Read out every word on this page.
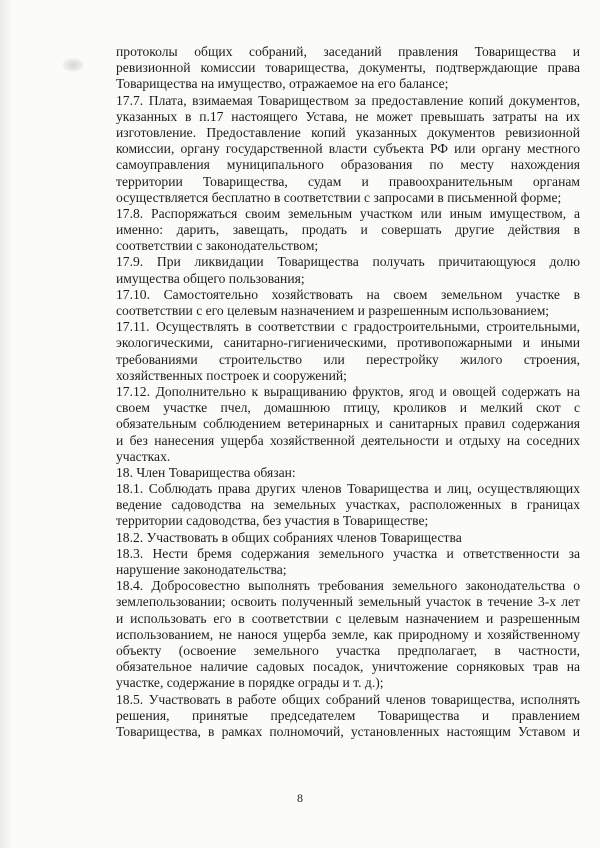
протоколы общих собраний, заседаний правления Товарищества и
ревизионной комиссии товарищества, документы, подтверждающие права
Товарищества на имущество, отражаемое на его балансе;
17.7. Плата, взимаемая Товариществом за предоставление копий документов,
указанных в п.17 настоящего Устава, не может превышать затраты на их
изготовление. Предоставление копий указанных документов ревизионной
комиссии, органу государственной власти субъекта РФ или органу местного
самоуправления муниципального образования по месту нахождения
территории Товарищества, судам и правоохранительным органам
осуществляется бесплатно в соответствии с запросами в письменной форме;
17.8. Распоряжаться своим земельным участком или иным имуществом, а
именно: дарить, завещать, продать и совершать другие действия в
соответствии с законодательством;
17.9. При ликвидации Товарищества получать причитающуюся долю
имущества общего пользования;
17.10. Самостоятельно хозяйствовать на своем земельном участке в
соответствии с его целевым назначением и разрешенным использованием;
17.11. Осуществлять в соответствии с градостроительными, строительными,
экологическими, санитарно-гигиеническими, противопожарными и иными
требованиями строительство или перестройку жилого строения,
хозяйственных построек и сооружений;
17.12. Дополнительно к выращиванию фруктов, ягод и овощей содержать на
своем участке пчел, домашнюю птицу, кроликов и мелкий скот с
обязательным соблюдением ветеринарных и санитарных правил содержания
и без нанесения ущерба хозяйственной деятельности и отдыху на соседних
участках.
18. Член Товарищества обязан:
18.1. Соблюдать права других членов Товарищества и лиц, осуществляющих
ведение садоводства на земельных участках, расположенных в границах
территории садоводства, без участия в Товариществе;
18.2. Участвовать в общих собраниях членов Товарищества
18.3. Нести бремя содержания земельного участка и ответственности за
нарушение законодательства;
18.4. Добросовестно выполнять требования земельного законодательства о
землепользовании; освоить полученный земельный участок в течение 3-х лет
и использовать его в соответствии с целевым назначением и разрешенным
использованием, не нанося ущерба земле, как природному и хозяйственному
объекту (освоение земельного участка предполагает, в частности,
обязательное наличие садовых посадок, уничтожение сорняковых трав на
участке, содержание в порядке ограды и т. д.);
18.5. Участвовать в работе общих собраний членов товарищества, исполнять
решения, принятые председателем Товарищества и правлением
Товарищества, в рамках полномочий, установленных настоящим Уставом и
8
